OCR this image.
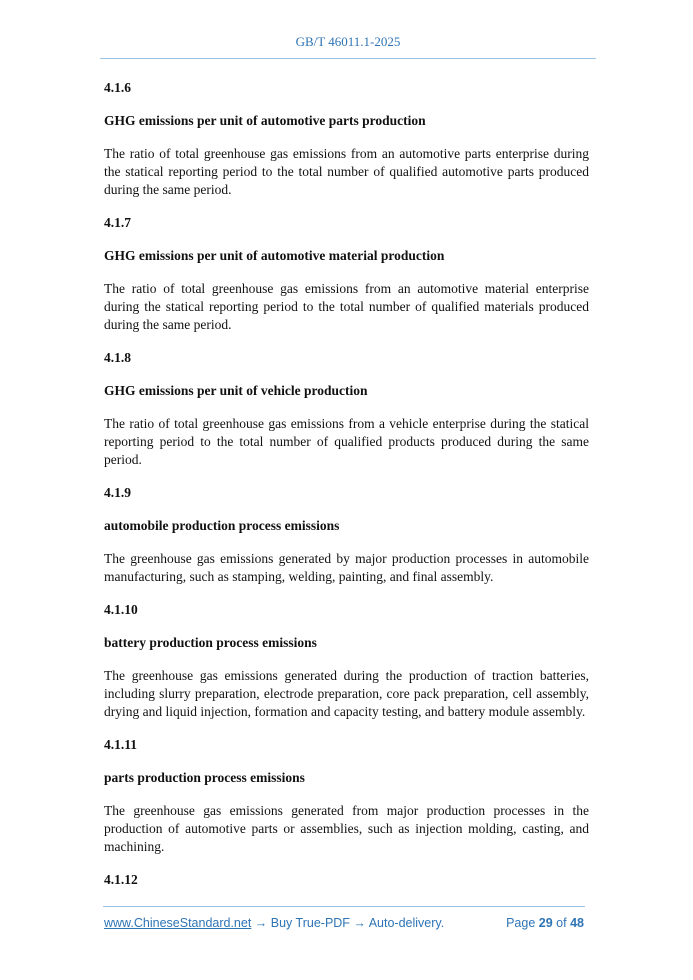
GB/T 46011.1-2025

4.1.6

GHG emissions per unit of automotive parts production

The ratio of total greenhouse gas emissions from an automotive parts enterprise during the statical reporting period to the total number of qualified automotive parts produced during the same period.

4.1.7

GHG emissions per unit of automotive material production

The ratio of total greenhouse gas emissions from an automotive material enterprise during the statical reporting period to the total number of qualified materials produced during the same period.

4.1.8

GHG emissions per unit of vehicle production

The ratio of total greenhouse gas emissions from a vehicle enterprise during the statical reporting period to the total number of qualified products produced during the same period.

4.1.9

automobile production process emissions

The greenhouse gas emissions generated by major production processes in automobile manufacturing, such as stamping, welding, painting, and final assembly.

4.1.10

battery production process emissions

The greenhouse gas emissions generated during the production of traction batteries, including slurry preparation, electrode preparation, core pack preparation, cell assembly, drying and liquid injection, formation and capacity testing, and battery module assembly.

4.1.11

parts production process emissions

The greenhouse gas emissions generated from major production processes in the production of automotive parts or assemblies, such as injection molding, casting, and machining.

4.1.12

www.ChineseStandard.net → Buy True-PDF → Auto-delivery.	Page 29 of 48
